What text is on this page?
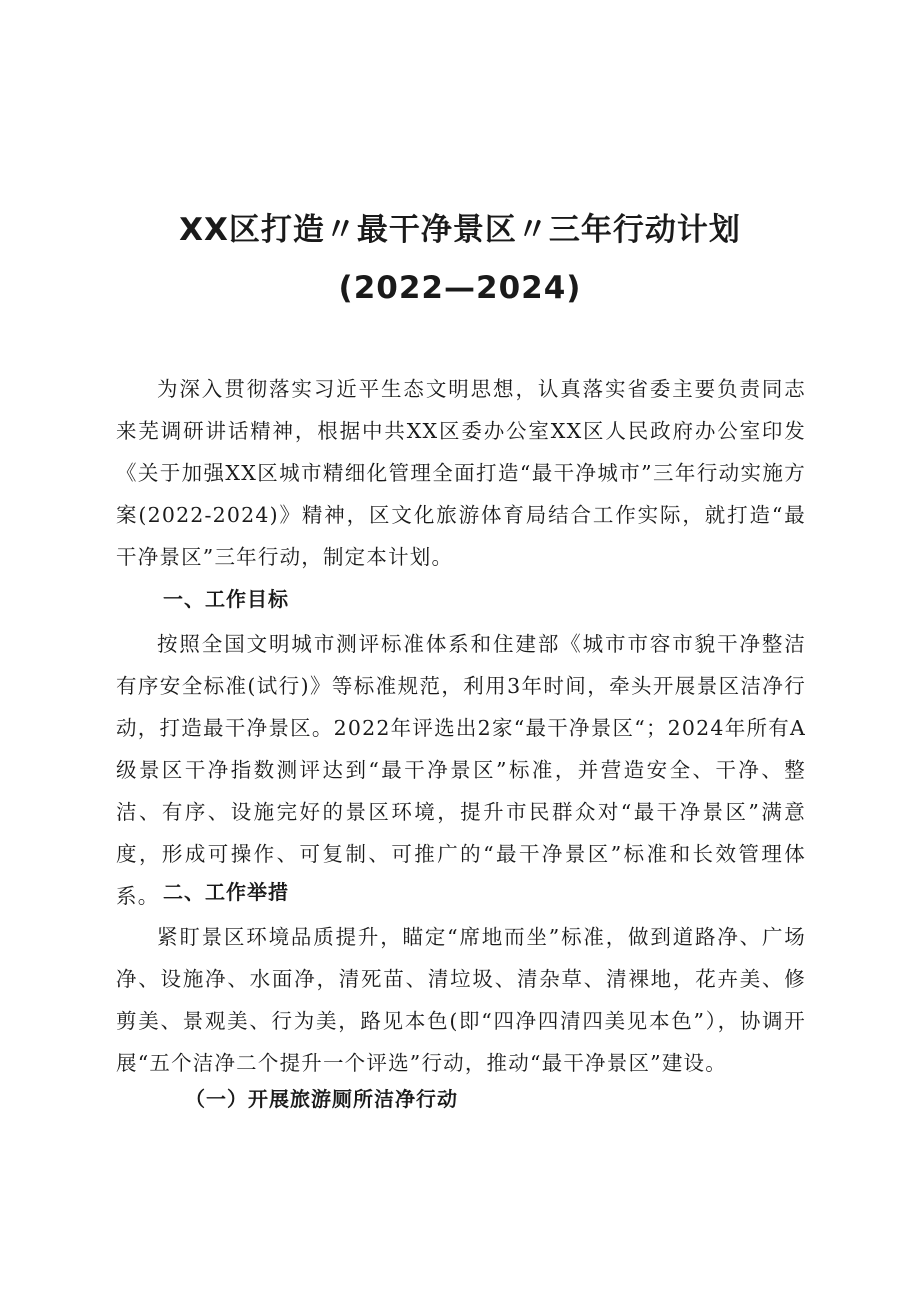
XX区打造〃最干净景区〃三年行动计划
(2022—2024)

为深入贯彻落实习近平生态文明思想，认真落实省委主要负责同志来芜调研讲话精神，根据中共XX区委办公室XX区人民政府办公室印发《关于加强XX区城市精细化管理全面打造“最干净城市”三年行动实施方案(2022-2024)》精神，区文化旅游体育局结合工作实际，就打造“最干净景区”三年行动，制定本计划。

一、工作目标

按照全国文明城市测评标准体系和住建部《城市市容市貌干净整洁有序安全标准(试行)》等标准规范，利用3年时间，牵头开展景区洁净行动，打造最干净景区。2022年评选出2家“最干净景区“；2024年所有A级景区干净指数测评达到“最干净景区”标准，并营造安全、干净、整洁、有序、设施完好的景区环境，提升市民群众对“最干净景区”满意度，形成可操作、可复制、可推广的“最干净景区”标准和长效管理体系。 二、工作举措

紧盯景区环境品质提升，瞄定“席地而坐”标准，做到道路净、广场净、设施净、水面净，清死苗、清垃圾、清杂草、清裸地，花卉美、修剪美、景观美、行为美，路见本色(即“四净四清四美见本色”），协调开展“五个洁净二个提升一个评选”行动，推动“最干净景区”建设。

（一）开展旅游厕所洁净行动
